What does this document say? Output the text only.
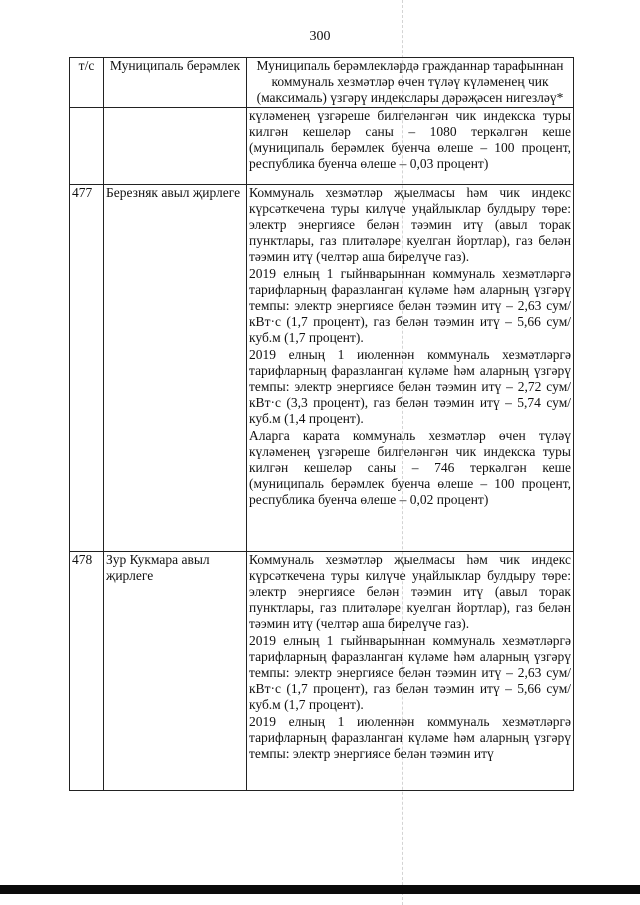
300
т/с	Муниципаль берәмлек	Муниципаль берәмлекләрдә гражданнар тарафыннан коммуналь хезмәтләр өчен түләү күләменең чик (максималь) үзгәрү индекслары дәрәҗәсен нигезләү*

		күләменең үзгәреше билгеләнгән чик индекска туры килгән кешеләр саны – 1080 теркәлгән кеше (муниципаль берәмлек буенча өлеше – 100 процент, республика буенча өлеше – 0,03 процент)

477	Березняк авыл җирлеге	Коммуналь хезмәтләр җыелмасы һәм чик индекс күрсәткечена туры килүче уңайлыклар булдыру төре: электр энергиясе белән тәэмин итү (авыл торак пунктлары, газ плитәләре куелган йортлар), газ белән тәэмин итү (челтәр аша бирелүче газ).

2019 елның 1 гыйнварыннан коммуналь хезмәтләргә тарифларның фаразланган күләме һәм аларның үзгәрү темпы: электр энергиясе белән тәэмин итү – 2,63 сум/кВт·с (1,7 процент), газ белән тәэмин итү – 5,66 сум/куб.м (1,7 процент).

2019 елның 1 июленнән коммуналь хезмәтләргә тарифларның фаразланган күләме һәм аларның үзгәрү темпы: электр энергиясе белән тәэмин итү – 2,72 сум/кВт·с (3,3 процент), газ белән тәэмин итү – 5,74 сум/куб.м (1,4 процент).

Аларга карата коммуналь хезмәтләр өчен түләү күләменең үзгәреше билгеләнгән чик индекска туры килгән кешеләр саны – 746 теркәлгән кеше (муниципаль берәмлек буенча өлеше – 100 процент, республика буенча өлеше – 0,02 процент)

478	Зур Кукмара авыл җирлеге	Коммуналь хезмәтләр җыелмасы һәм чик индекс күрсәткечена туры килүче уңайлыклар булдыру төре: электр энергиясе белән тәэмин итү (авыл торак пунктлары, газ плитәләре куелган йортлар), газ белән тәэмин итү (челтәр аша бирелүче газ).

2019 елның 1 гыйнварыннан коммуналь хезмәтләргә тарифларның фаразланган күләме һәм аларның үзгәрү темпы: электр энергиясе белән тәэмин итү – 2,63 сум/кВт·с (1,7 процент), газ белән тәэмин итү – 5,66 сум/куб.м (1,7 процент).

2019 елның 1 июленнән коммуналь хезмәтләргә тарифларның фаразланган күләме һәм аларның үзгәрү темпы: электр энергиясе белән тәэмин итү
